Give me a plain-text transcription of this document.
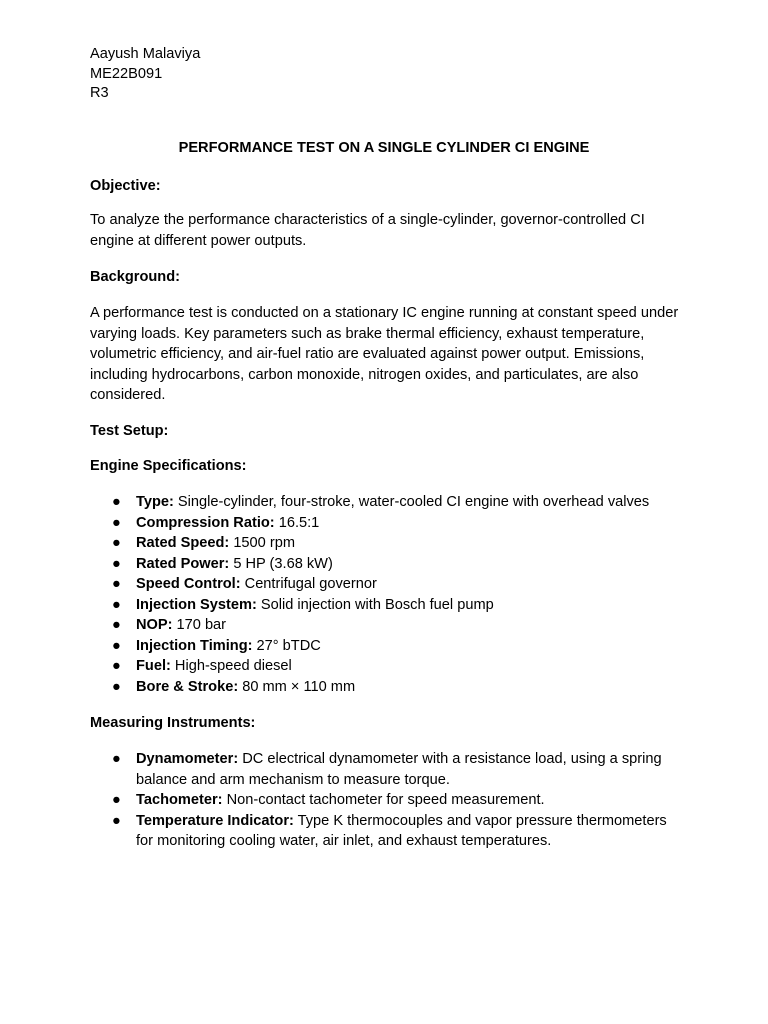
Aayush Malaviya
ME22B091
R3
PERFORMANCE TEST ON A SINGLE CYLINDER CI ENGINE
Objective:
To analyze the performance characteristics of a single-cylinder, governor-controlled CI engine at different power outputs.
Background:
A performance test is conducted on a stationary IC engine running at constant speed under varying loads. Key parameters such as brake thermal efficiency, exhaust temperature, volumetric efficiency, and air-fuel ratio are evaluated against power output. Emissions, including hydrocarbons, carbon monoxide, nitrogen oxides, and particulates, are also considered.
Test Setup:
Engine Specifications:
● Type: Single-cylinder, four-stroke, water-cooled CI engine with overhead valves
● Compression Ratio: 16.5:1
● Rated Speed: 1500 rpm
● Rated Power: 5 HP (3.68 kW)
● Speed Control: Centrifugal governor
● Injection System: Solid injection with Bosch fuel pump
● NOP: 170 bar
● Injection Timing: 27° bTDC
● Fuel: High-speed diesel
● Bore & Stroke: 80 mm × 110 mm
Measuring Instruments:
● Dynamometer: DC electrical dynamometer with a resistance load, using a spring balance and arm mechanism to measure torque.
● Tachometer: Non-contact tachometer for speed measurement.
● Temperature Indicator: Type K thermocouples and vapor pressure thermometers for monitoring cooling water, air inlet, and exhaust temperatures.
